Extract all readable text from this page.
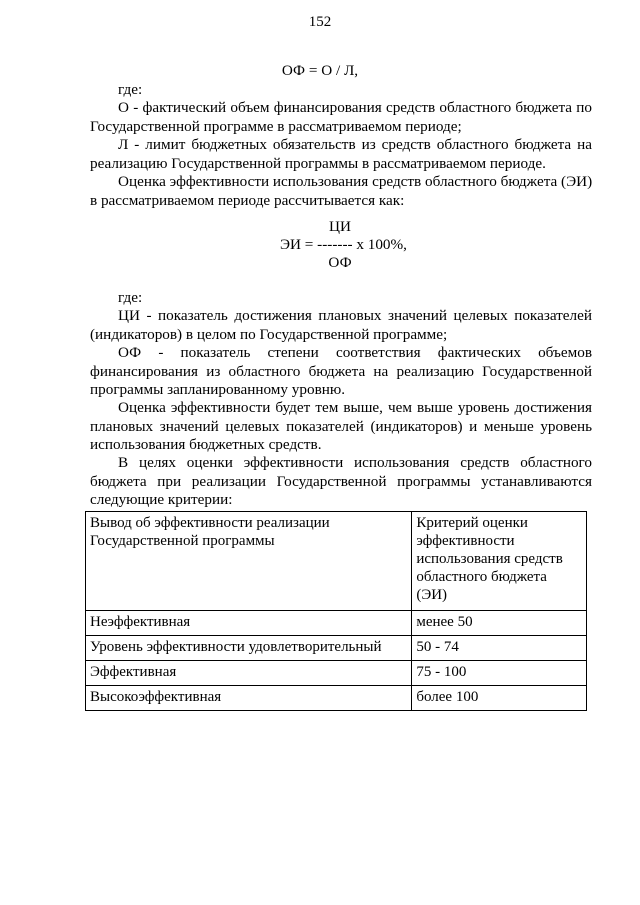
152
ОФ = О / Л,
где:
О - фактический объем финансирования средств областного бюджета по
Государственной программе в рассматриваемом периоде;
Л - лимит бюджетных обязательств из средств областного бюджета на
реализацию Государственной программы в рассматриваемом периоде.
Оценка эффективности использования средств областного бюджета (ЭИ)
в рассматриваемом периоде рассчитывается как:
ЦИ
ЭИ = ------- x 100%,
ОФ
где:
ЦИ - показатель достижения плановых значений целевых показателей
(индикаторов) в целом по Государственной программе;
ОФ - показатель степени соответствия фактических объемов
финансирования из областного бюджета на реализацию Государственной
программы запланированному уровню.
Оценка эффективности будет тем выше, чем выше уровень достижения
плановых значений целевых показателей (индикаторов) и меньше уровень
использования бюджетных средств.
В целях оценки эффективности использования средств областного
бюджета при реализации Государственной программы устанавливаются
следующие критерии:
Вывод об эффективности реализации
Государственной программы	Критерий оценки
эффективности
использования средств
областного бюджета
(ЭИ)
Неэффективная	менее 50
Уровень эффективности удовлетворительный	50 - 74
Эффективная	75 - 100
Высокоэффективная	более 100
